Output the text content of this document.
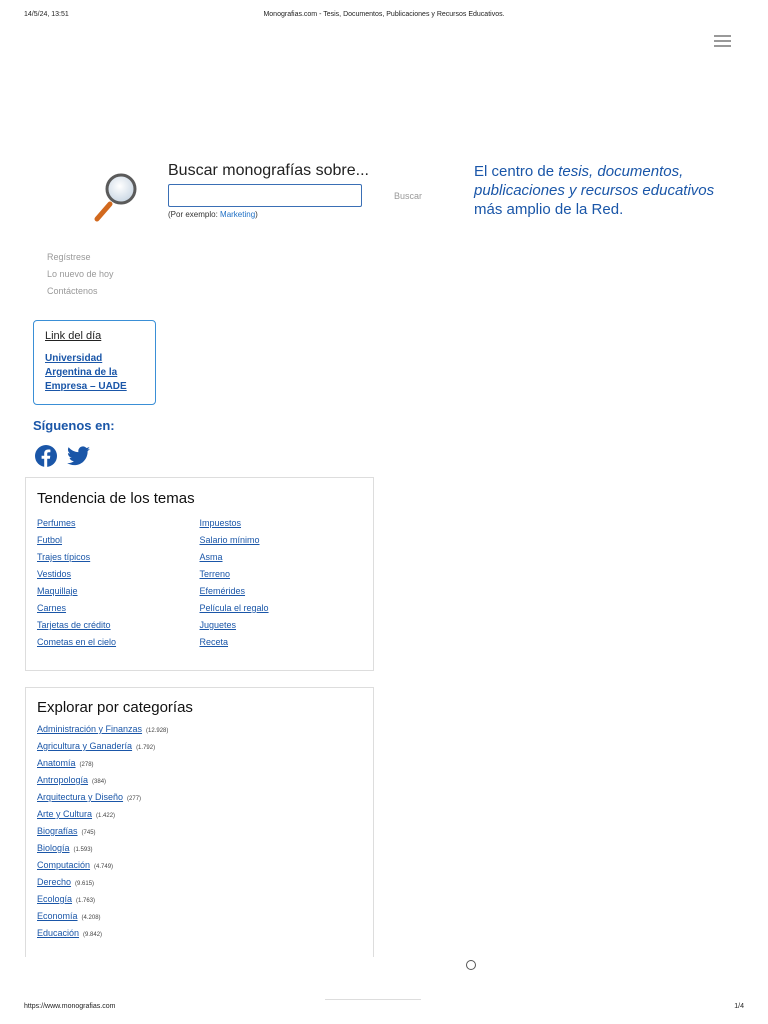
14/5/24, 13:51	Monografias.com - Tesis, Documentos, Publicaciones y Recursos Educativos.
Buscar monografías sobre...
Buscar
(Por exemplo: Marketing)
El centro de tesis, documentos, publicaciones y recursos educativos
más amplio de la Red.
Regístrese
Lo nuevo de hoy
Contáctenos
Link del día
Universidad Argentina de la Empresa – UADE
Síguenos en:
Tendencia de los temas
Perfumes
Futbol
Trajes típicos
Vestidos
Maquillaje
Carnes
Tarjetas de crédito
Cometas en el cielo
Impuestos
Salario mínimo
Asma
Terreno
Efemérides
Película el regalo
Juguetes
Receta
Explorar por categorías
Administración y Finanzas (12.928)
Agricultura y Ganadería (1.792)
Anatomía (278)
Antropología (384)
Arquitectura y Diseño (277)
Arte y Cultura (1.422)
Biografías (745)
Biología (1.593)
Computación (4.749)
Derecho (9.615)
Ecología (1.763)
Economía (4.208)
Educación (9.842)
https://www.monografias.com	1/4
